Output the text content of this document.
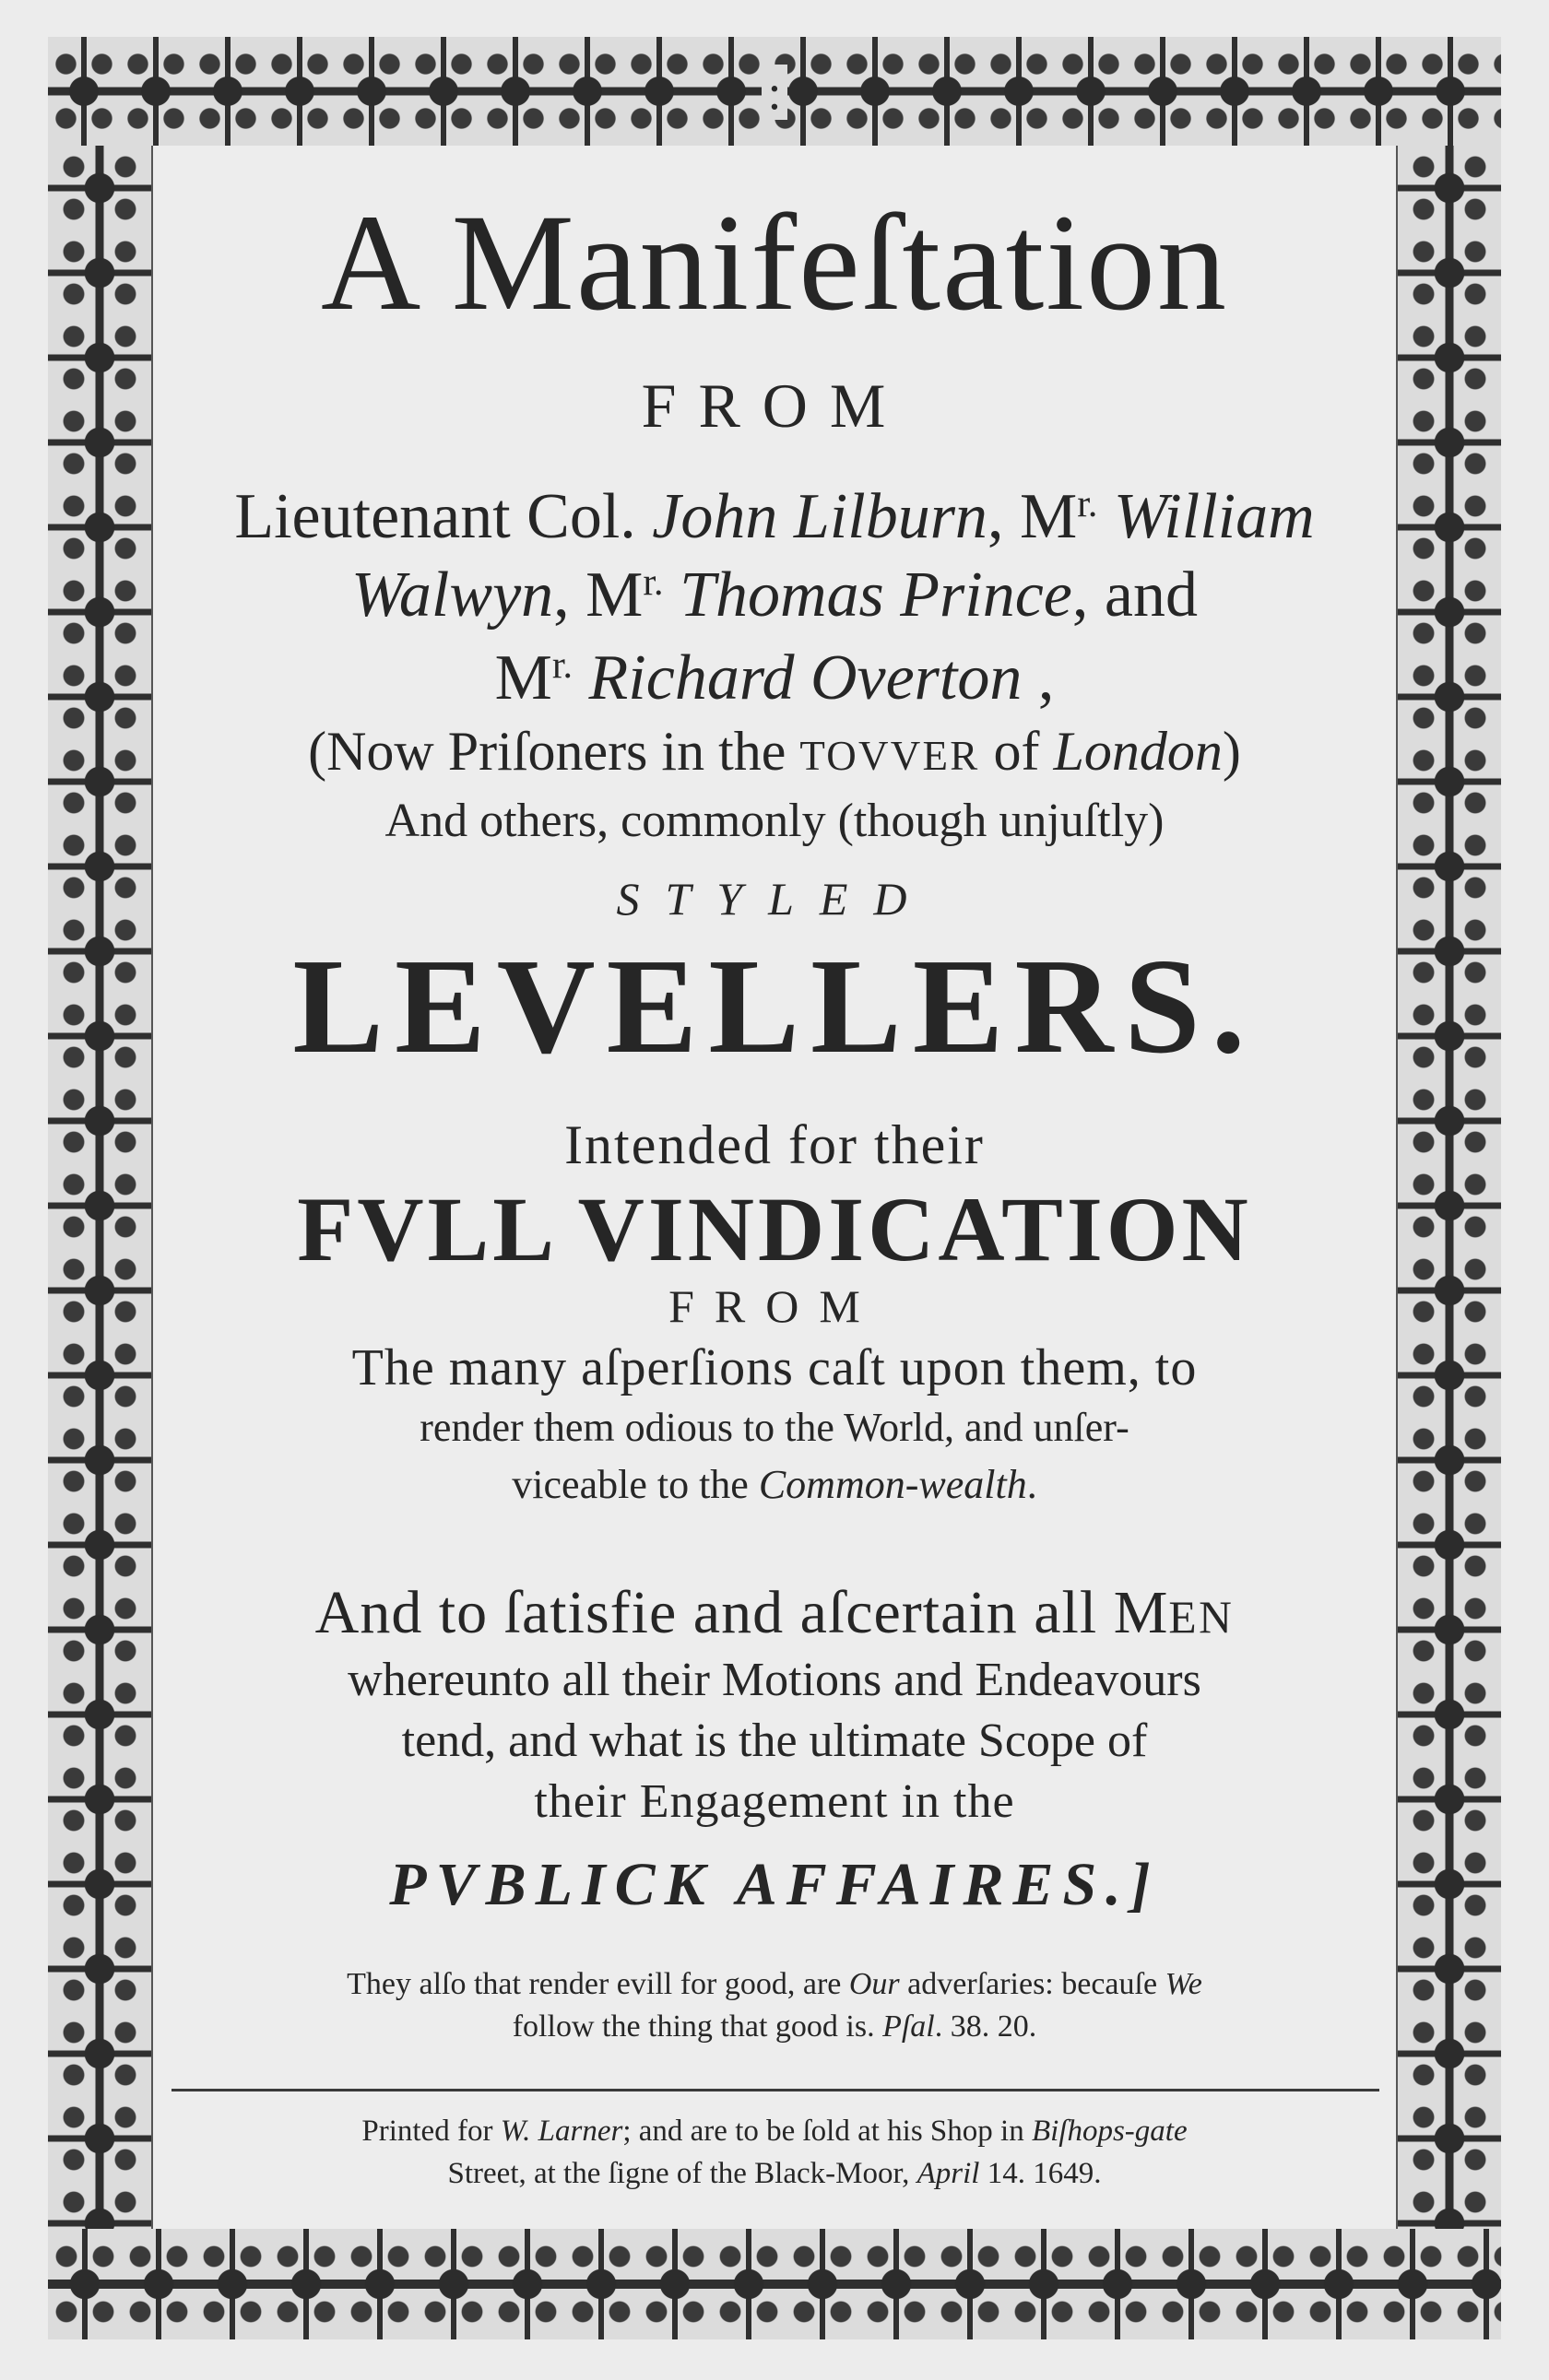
:
A Manifeſtation
FROM
Lieutenant Col. John Lilburn, $M^{r.}$ William
Walwyn, $M^{r.}$ Thomas Prince, and
$M^{r.}$ Richard Overton ,
(Now Priſoners in the TOVVER of London)
And others, commonly (though unjuſtly)
STYLED
LEVELLERS.
Intended for their
FVLL VINDICATION
FROM
The many aſperſions caſt upon them, to
render them odious to the World, and unſer-
viceable to the Common-wealth.
And to ſatisfie and aſcertain all MEN
whereunto all their Motions and Endeavours
tend, and what is the ultimate Scope of
their Engagement in the
PVBLICK AFFAIRES.]
They alſo that render evill for good, are Our adverſaries: becauſe We
follow the thing that good is. Pſal. 38. 20.
Printed for W. Larner; and are to be ſold at his Shop in Biſhops-gate
Street, at the ſigne of the Black-Moor, April 14. 1649.
